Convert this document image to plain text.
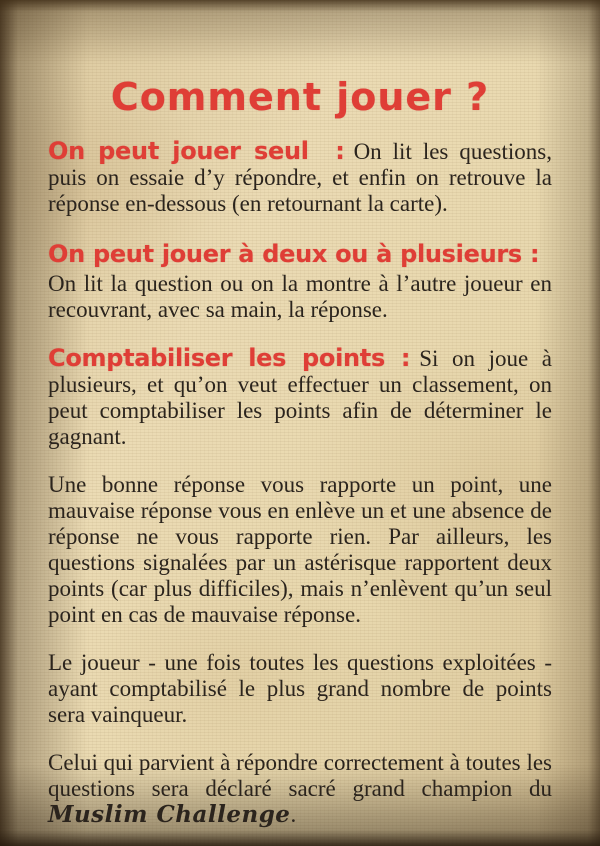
Comment jouer ?

On peut jouer seul  : On lit les questions, puis on essaie d’y répondre, et enfin on retrouve la réponse en-dessous (en retournant la carte).

On peut jouer à deux ou à plusieurs :
On lit la question ou on la montre à l’autre joueur en recouvrant, avec sa main, la réponse.

Comptabiliser les points : Si on joue à plusieurs, et qu’on veut effectuer un classement, on peut comptabiliser les points afin de déterminer le gagnant.

Une bonne réponse vous rapporte un point, une mauvaise réponse vous en enlève un et une absence de réponse ne vous rapporte rien. Par ailleurs, les questions signalées par un astérisque rapportent deux points (car plus difficiles), mais n’enlèvent qu’un seul point en cas de mauvaise réponse.

Le joueur - une fois toutes les questions exploitées - ayant comptabilisé le plus grand nombre de points sera vainqueur.

Celui qui parvient à répondre correctement à toutes les questions sera déclaré sacré grand champion du Muslim Challenge.
